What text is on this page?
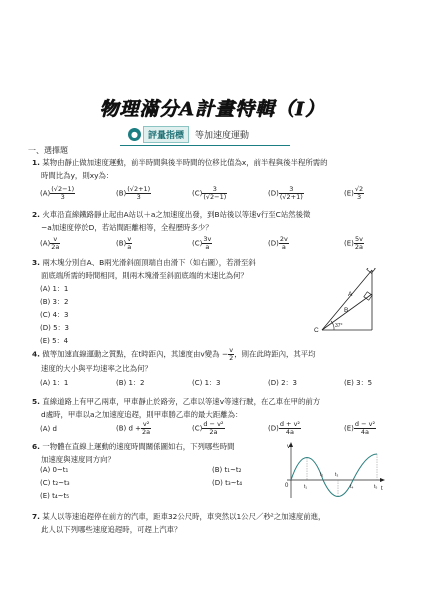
物理滿分A計畫特輯（Ⅰ）
●	評量指標	等加速度運動
一、選擇題
1. 某物由靜止做加速度運動，前半時間與後半時間的位移比值為x，前半程與後半程所需的
時間比為y，則xy為：
$(A) \frac{(√2-1)}{3}$	$(B) \frac{(√2+1)}{3}$	$(C) \frac{3}{(√2-1)}$	$(D) \frac{3}{(√2+1)}$	$(E) \frac{√2}{3}$
2. 火車沿直線鐵路靜止起由A站以＋a之加速度出發，到B站後以等速v行至C站然後徵
−a加速度停於D，若站間距離相等，全程歷時多少？
$(A) \frac{v}{2a}$	$(B) \frac{v}{a}$	$(C) \frac{3v}{a}$	$(D) \frac{2v}{a}$	$(E) \frac{5v}{2a}$
3. 兩木塊分別自A、B兩光滑斜面頂端自由滑下（如右圖），若滑至斜
面底端所需的時間相同，則兩木塊滑至斜面底端的末速比為何？
(A) 1：1
(B) 3：2
(C) 4：3
(D) 5：3
(E) 5：4
A
B
C
37°
4. 做等加速直線運動之質點，在t時距內，其速度由v變為 − $\frac{v}{2}$ ，則在此時距內，其平均
速度的大小與平均速率之比為何？
(A) 1：1	(B) 1：2	(C) 1：3	(D) 2：3	(E) 3：5
5. 直線道路上有甲乙兩車，甲車靜止於路旁，乙車以等速v等速行駛，在乙車在甲的前方
d處時，甲車以a之加速度追趕，則甲車勝乙車的最大距離為：
(A) d	(B) $d + \frac{\text{v²}}{2a}$	$(C) \frac{\text{d − v²}}{2a}$	$(D) \frac{\text{d + v²}}{4a}$	$(E) \frac{\text{d − v²}}{4a}$
6. 一物體在直線上運動的速度時間關係圖如右，下列哪些時間
加速度與速度同方向？
(A) 0~t₁	(B) t₁~t₂
(C) t₂~t₃	(D) t₃~t₄
(E) t₄~t₅
v
t
0	t₁
t₂ t₃
t₄	t₅
7. 某人以等速追趕停在前方的汽車，距車32公尺時，車突然以1公尺／秒²之加速度前進，
此人以下列哪些速度追趕時，可趕上汽車？
